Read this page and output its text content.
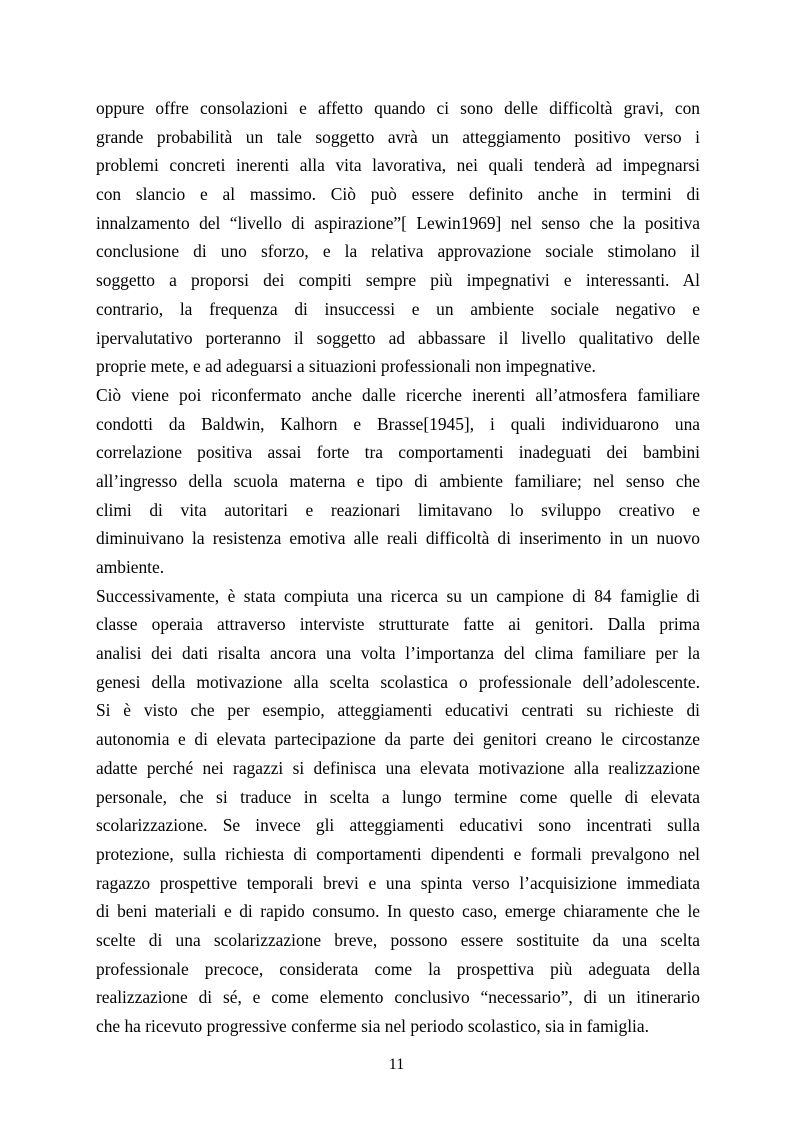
oppure offre consolazioni e affetto quando ci sono delle difficoltà gravi, con
grande probabilità un tale soggetto avrà un atteggiamento positivo verso i
problemi concreti inerenti alla vita lavorativa, nei quali tenderà ad impegnarsi
con slancio e al massimo. Ciò può essere definito anche in termini di
innalzamento del “livello di aspirazione”[ Lewin1969] nel senso che la positiva
conclusione di uno sforzo, e la relativa approvazione sociale stimolano il
soggetto a proporsi dei compiti sempre più impegnativi e interessanti. Al
contrario, la frequenza di insuccessi e un ambiente sociale negativo e
ipervalutativo porteranno il soggetto ad abbassare il livello qualitativo delle
proprie mete, e ad adeguarsi a situazioni professionali non impegnative.
Ciò viene poi riconfermato anche dalle ricerche inerenti all’atmosfera familiare
condotti da Baldwin, Kalhorn e Brasse[1945], i quali individuarono una
correlazione positiva assai forte tra comportamenti inadeguati dei bambini
all’ingresso della scuola materna e tipo di ambiente familiare; nel senso che
climi di vita autoritari e reazionari limitavano lo sviluppo creativo e
diminuivano la resistenza emotiva alle reali difficoltà di inserimento in un nuovo
ambiente.
Successivamente, è stata compiuta una ricerca su un campione di 84 famiglie di
classe operaia attraverso interviste strutturate fatte ai genitori. Dalla prima
analisi dei dati risalta ancora una volta l’importanza del clima familiare per la
genesi della motivazione alla scelta scolastica o professionale dell’adolescente.
Si è visto che per esempio, atteggiamenti educativi centrati su richieste di
autonomia e di elevata partecipazione da parte dei genitori creano le circostanze
adatte perché nei ragazzi si definisca una elevata motivazione alla realizzazione
personale, che si traduce in scelta a lungo termine come quelle di elevata
scolarizzazione. Se invece gli atteggiamenti educativi sono incentrati sulla
protezione, sulla richiesta di comportamenti dipendenti e formali prevalgono nel
ragazzo prospettive temporali brevi e una spinta verso l’acquisizione immediata
di beni materiali e di rapido consumo. In questo caso, emerge chiaramente che le
scelte di una scolarizzazione breve, possono essere sostituite da una scelta
professionale precoce, considerata come la prospettiva più adeguata della
realizzazione di sé, e come elemento conclusivo “necessario”, di un itinerario
che ha ricevuto progressive conferme sia nel periodo scolastico, sia in famiglia.
11
